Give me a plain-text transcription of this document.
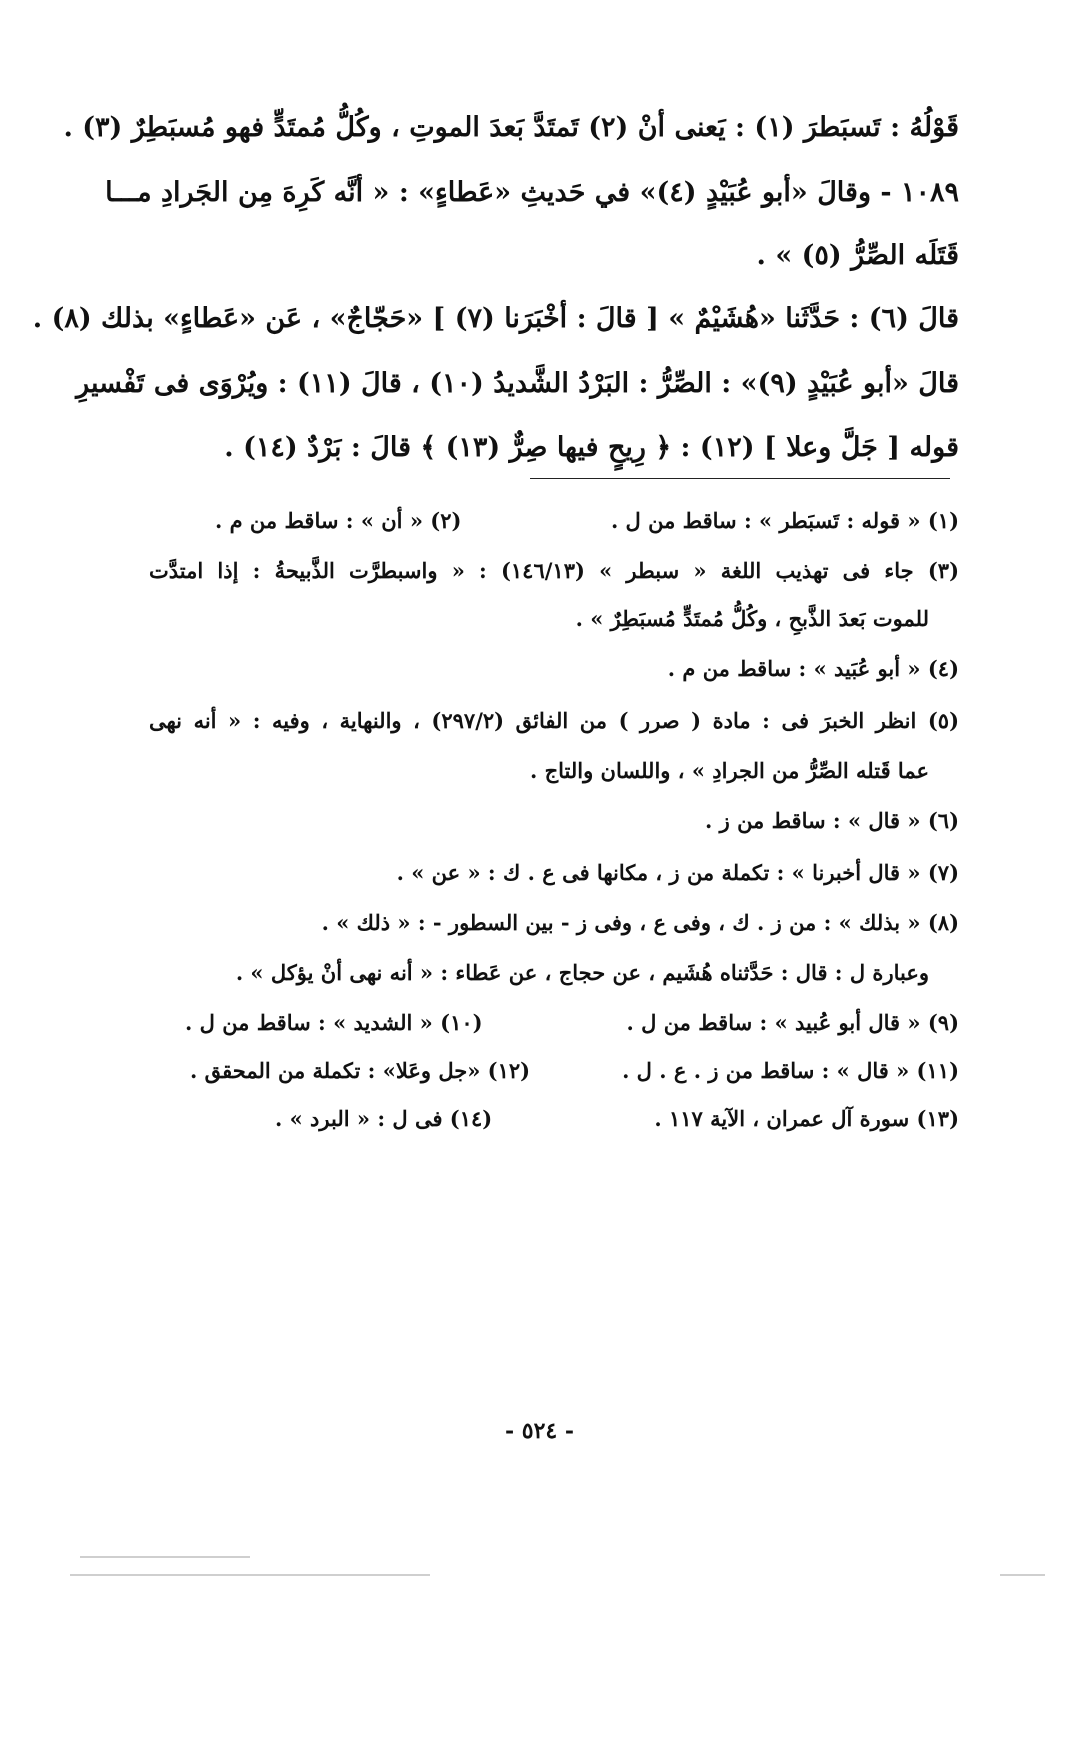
قَوْلُهُ : تَسبَطرَ (١) : يَعنى أنْ (٢) تَمتَدَّ بَعدَ الموتِ ، وكُلُّ مُمتَدٍّ فهو مُسبَطِرٌ (٣) .
١٠٨٩ - وقالَ «أبو عُبَيْدٍ (٤)» في حَديثِ «عَطاءٍ» : « أنَّه كَرِهَ مِن الجَرادِ مـــا
قَتَلَه الصِّرُّ (٥) » .
قالَ (٦) : حَدَّثَنا «هُشَيْمٌ » [ قالَ : أخْبَرَنا (٧) ] «حَجّاجٌ» ، عَن «عَطاءٍ» بذلك (٨) .
قالَ «أبو عُبَيْدٍ (٩)» : الصِّرُّ : البَرْدُ الشَّديدُ (١٠) ، قالَ (١١) : ويُرْوَى فى تَفْسيرِ
قوله [ جَلَّ وعلا ] (١٢) : ﴿ رِيحٍ فيها صِرٌّ (١٣) ﴾ قالَ : بَرْدٌ (١٤) .
(١) « قوله : تَسبَطر » : ساقط من ل .
(٢) « أن » : ساقط من م .
(٣) جاء فى تهذيب اللغة « سبطر » (١٤٦/١٣) : « واسبطرَّت الذَّبيحةُ : إذا امتدَّت
للموت بَعدَ الذَّبحِ ، وكُلُّ مُمتَدٍّ مُسبَطِرٌ » .
(٤) « أبو عُبَيد » : ساقط من م .
(٥) انظر الخبرَ فى : مادة ( صرر ) من الفائق (٢٩٧/٢) ، والنهاية ، وفيه : « أنه نهى
عما قَتله الصِّرُّ من الجرادِ » ، واللسان والتاج .
(٦) « قال » : ساقط من ز .
(٧) « قال أخبرنا » : تكملة من ز ، مكانها فى ع . ك : « عن » .
(٨) « بذلك » : من ز . ك ، وفى ع ، وفى ز - بين السطور - : « ذلك » .
وعبارة ل : قال : حَدَّثناه هُشَيم ، عن حجاج ، عن عَطاء : « أنه نهى أنْ يؤكل » .
(٩) « قال أبو عُبيد » : ساقط من ل .
(١٠) « الشديد » : ساقط من ل .
(١١) « قال » : ساقط من ز . ع . ل .
(١٢) «جل وعَلا» : تكملة من المحقق .
(١٣) سورة آل عمران ، الآية ١١٧ .
(١٤) فى ل : « البرد » .
- ٥٢٤ -
